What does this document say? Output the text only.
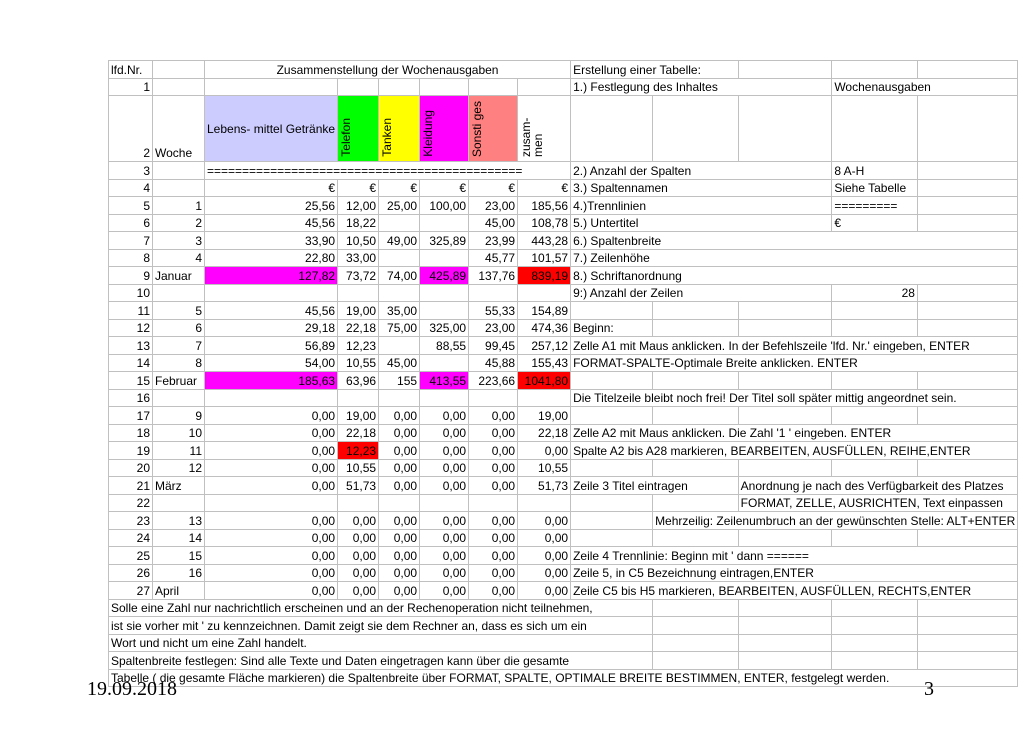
lfd.Nr.		Zusammenstellung der Wochenausgaben						Erstellung einer Tabelle:				
1								1.) Festlegung des Inhaltes			Wochenausgaben	
2	Woche	Lebens- mittel Getränke	Telefon	Tanken	Kleidung	Sonsti ges	zusam- men					
3		=============================================						2.) Anzahl der Spalten			8 A-H	
4		€	€	€	€	€	€	3.) Spaltennamen			Siehe Tabelle	
5	1	25,56	12,00	25,00	100,00	23,00	185,56	4.)Trennlinien			=========	
6	2	45,56	18,22			45,00	108,78	5.) Untertitel			€	
7	3	33,90	10,50	49,00	325,89	23,99	443,28	6.) Spaltenbreite				
8	4	22,80	33,00			45,77	101,57	7.) Zeilenhöhe				
9	Januar	127,82	73,72	74,00	425,89	137,76	839,19	8.) Schriftanordnung				
10								9:) Anzahl der Zeilen			28	
11	5	45,56	19,00	35,00		55,33	154,89					
12	6	29,18	22,18	75,00	325,00	23,00	474,36	Beginn:				
13	7	56,89	12,23		88,55	99,45	257,12	Zelle A1 mit Maus anklicken. In der Befehlszeile 'lfd. Nr.' eingeben, ENTER				
14	8	54,00	10,55	45,00		45,88	155,43	FORMAT-SPALTE-Optimale Breite anklicken. ENTER				
15	Februar	185,63	63,96	155	413,55	223,66	1041,80					
16								Die Titelzeile bleibt noch frei! Der Titel soll später mittig angeordnet sein.				
17	9	0,00	19,00	0,00	0,00	0,00	19,00					
18	10	0,00	22,18	0,00	0,00	0,00	22,18	Zelle A2 mit Maus anklicken. Die Zahl '1 ' eingeben. ENTER				
19	11	0,00	12,23	0,00	0,00	0,00	0,00	Spalte A2 bis A28 markieren, BEARBEITEN, AUSFÜLLEN, REIHE,ENTER				
20	12	0,00	10,55	0,00	0,00	0,00	10,55					
21	März	0,00	51,73	0,00	0,00	0,00	51,73	Zeile 3 Titel eintragen		Anordnung je nach des Verfügbarkeit des Platzes		
22										FORMAT, ZELLE, AUSRICHTEN, Text einpassen		
23	13	0,00	0,00	0,00	0,00	0,00	0,00		Mehrzeilig: Zeilenumbruch an der gewünschten Stelle: ALT+ENTER			
24	14	0,00	0,00	0,00	0,00	0,00	0,00					
25	15	0,00	0,00	0,00	0,00	0,00	0,00	Zeile 4 Trennlinie: Beginn mit ' dann ======				
26	16	0,00	0,00	0,00	0,00	0,00	0,00	Zeile 5, in C5 Bezeichnung eintragen,ENTER				
27	April	0,00	0,00	0,00	0,00	0,00	0,00	Zeile C5 bis H5 markieren, BEARBEITEN, AUSFÜLLEN, RECHTS,ENTER				
Solle eine Zahl nur nachrichtlich erscheinen und an der Rechenoperation nicht teilnehmen,												
ist sie vorher mit ' zu kennzeichnen. Damit zeigt sie dem Rechner an, dass es sich um ein												
Wort und nicht um eine Zahl handelt.												
Spaltenbreite festlegen: Sind alle Texte und Daten eingetragen kann über die gesamte												
Tabelle ( die gesamte Fläche markieren) die Spaltenbreite über FORMAT, SPALTE, OPTIMALE BREITE BESTIMMEN, ENTER, festgelegt werden.												
19.09.2018	3
